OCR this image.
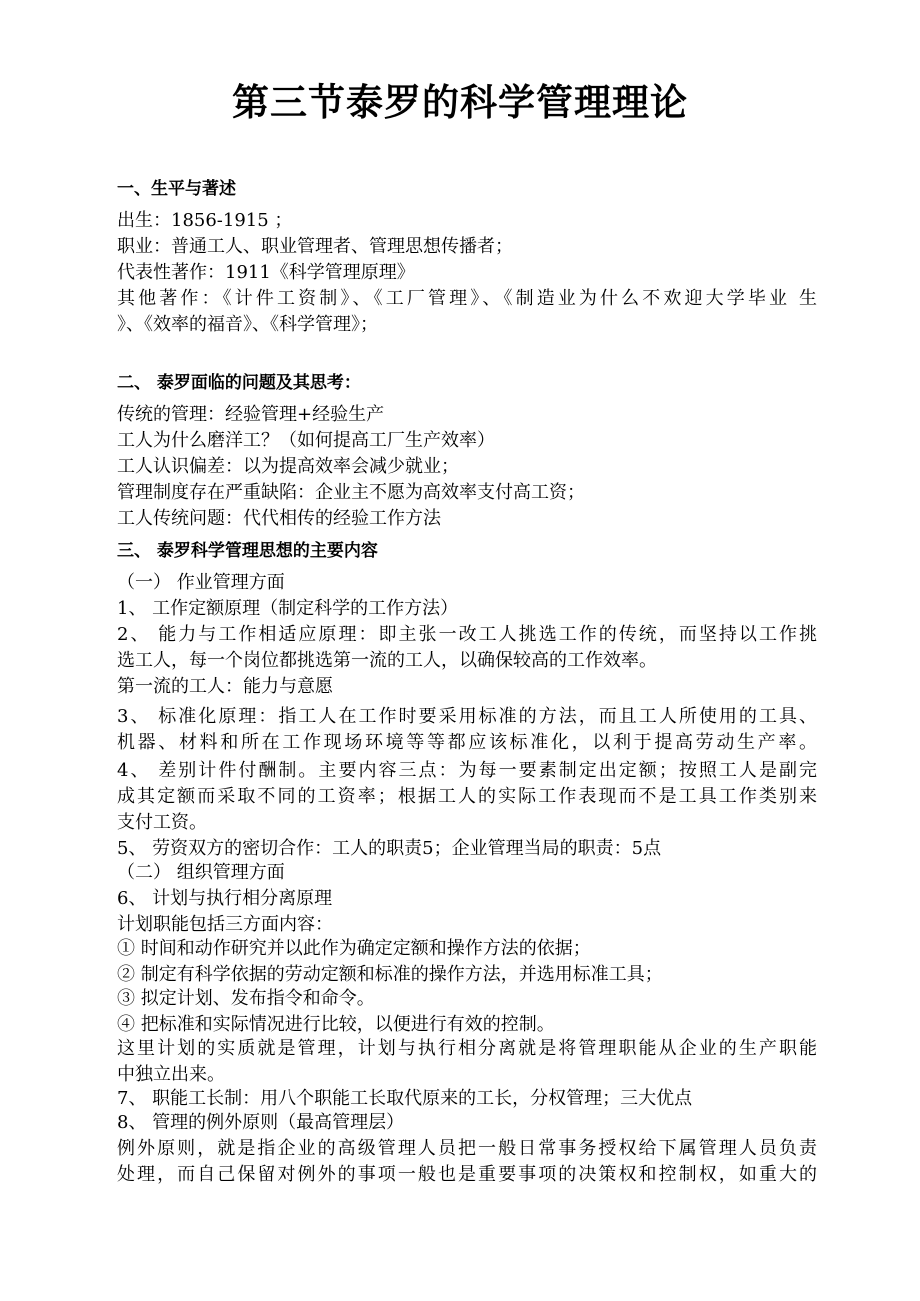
第三节泰罗的科学管理理论
一、生平与著述
出生：1856-1915 ；
职业：普通工人、职业管理者、管理思想传播者；
代表性著作：1911《科学管理原理》
其他著作：《计件工资制》、《工厂管理》、《制造业为什么不欢迎大学毕业 生
》、《效率的福音》、《科学管理》；
二、 泰罗面临的问题及其思考：
传统的管理：经验管理+经验生产
工人为什么磨洋工？（如何提高工厂生产效率）
工人认识偏差：以为提高效率会减少就业；
管理制度存在严重缺陷：企业主不愿为高效率支付高工资；
工人传统问题：代代相传的经验工作方法
三、 泰罗科学管理思想的主要内容
（一） 作业管理方面
1、 工作定额原理（制定科学的工作方法）
2、 能力与工作相适应原理：即主张一改工人挑选工作的传统，而坚持以工作挑
选工人，每一个岗位都挑选第一流的工人，以确保较高的工作效率。
第一流的工人：能力与意愿
3、 标准化原理：指工人在工作时要采用标准的方法，而且工人所使用的工具、
机器、材料和所在工作现场环境等等都应该标准化，以利于提高劳动生产率。
4、 差别计件付酬制。主要内容三点：为每一要素制定出定额；按照工人是副完
成其定额而采取不同的工资率；根据工人的实际工作表现而不是工具工作类别来
支付工资。
5、 劳资双方的密切合作：工人的职责5；企业管理当局的职责：5点
（二） 组织管理方面
6、 计划与执行相分离原理
计划职能包括三方面内容：
① 时间和动作研究并以此作为确定定额和操作方法的依据；
② 制定有科学依据的劳动定额和标准的操作方法，并选用标准工具；
③ 拟定计划、发布指令和命令。
④ 把标准和实际情况进行比较，以便进行有效的控制。
这里计划的实质就是管理，计划与执行相分离就是将管理职能从企业的生产职能
中独立出来。
7、 职能工长制：用八个职能工长取代原来的工长，分权管理；三大优点
8、 管理的例外原则（最高管理层）
例外原则，就是指企业的高级管理人员把一般日常事务授权给下属管理人员负责
处理，而自己保留对例外的事项一般也是重要事项的决策权和控制权，如重大的
